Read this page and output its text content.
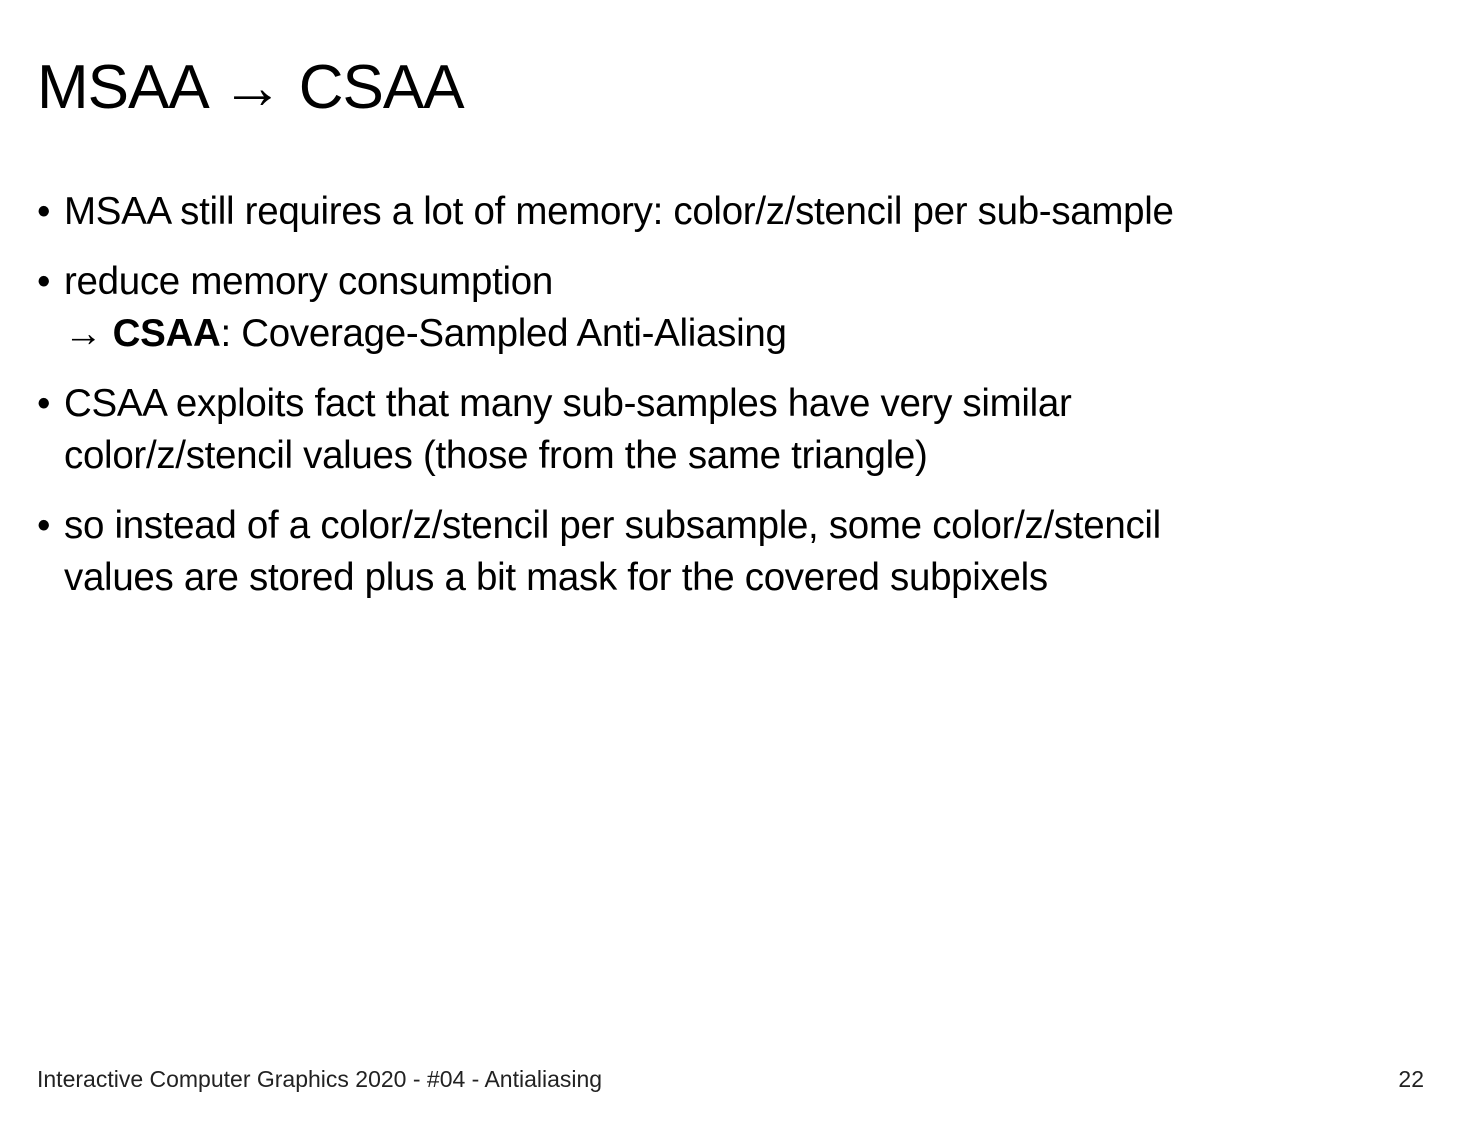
MSAA → CSAA
• MSAA still requires a lot of memory: color/z/stencil per sub-sample
• reduce memory consumption
→ CSAA: Coverage-Sampled Anti-Aliasing
• CSAA exploits fact that many sub-samples have very similar
color/z/stencil values (those from the same triangle)
• so instead of a color/z/stencil per subsample, some color/z/stencil
values are stored plus a bit mask for the covered subpixels
Interactive Computer Graphics 2020 - #04 - Antialiasing	22
